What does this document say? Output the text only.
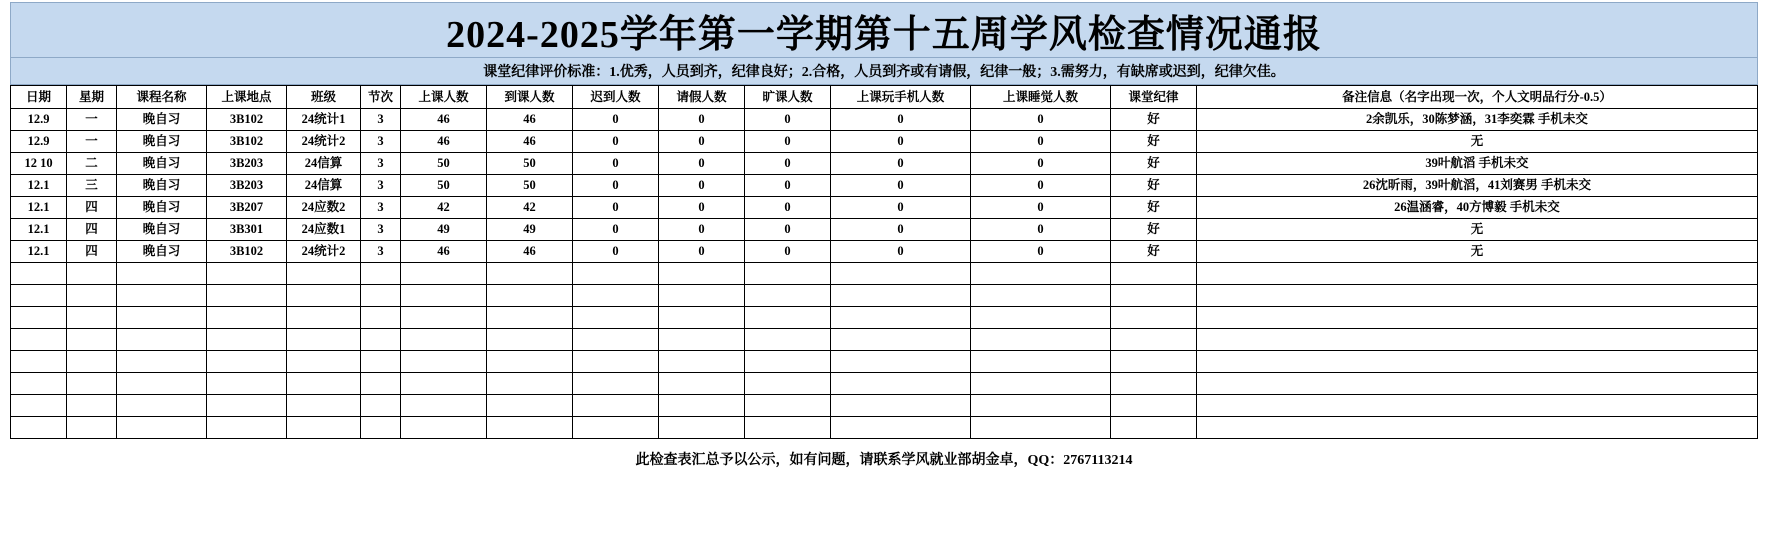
2024-2025学年第一学期第十五周学风检查情况通报
课堂纪律评价标准：1.优秀，人员到齐，纪律良好；2.合格，人员到齐或有请假，纪律一般；3.需努力，有缺席或迟到，纪律欠佳。
日期	星期	课程名称	上课地点	班级	节次	上课人数	到课人数	迟到人数	请假人数	旷课人数	上课玩手机人数	上课睡觉人数	课堂纪律	备注信息（名字出现一次，个人文明品行分-0.5）
12.9	一	晚自习	3B102	24统计1	3	46	46	0	0	0	0	0	好	2余凯乐，30陈梦涵，31李奕霖 手机未交
12.9	一	晚自习	3B102	24统计2	3	46	46	0	0	0	0	0	好	无
12 10	二	晚自习	3B203	24信算	3	50	50	0	0	0	0	0	好	39叶航滔 手机未交
12.1	三	晚自习	3B203	24信算	3	50	50	0	0	0	0	0	好	26沈昕雨，39叶航滔，41刘赛男 手机未交
12.1	四	晚自习	3B207	24应数2	3	42	42	0	0	0	0	0	好	26温涵睿，40方博毅 手机未交
12.1	四	晚自习	3B301	24应数1	3	49	49	0	0	0	0	0	好	无
12.1	四	晚自习	3B102	24统计2	3	46	46	0	0	0	0	0	好	无

此检查表汇总予以公示，如有问题，请联系学风就业部胡金卓，QQ：2767113214
